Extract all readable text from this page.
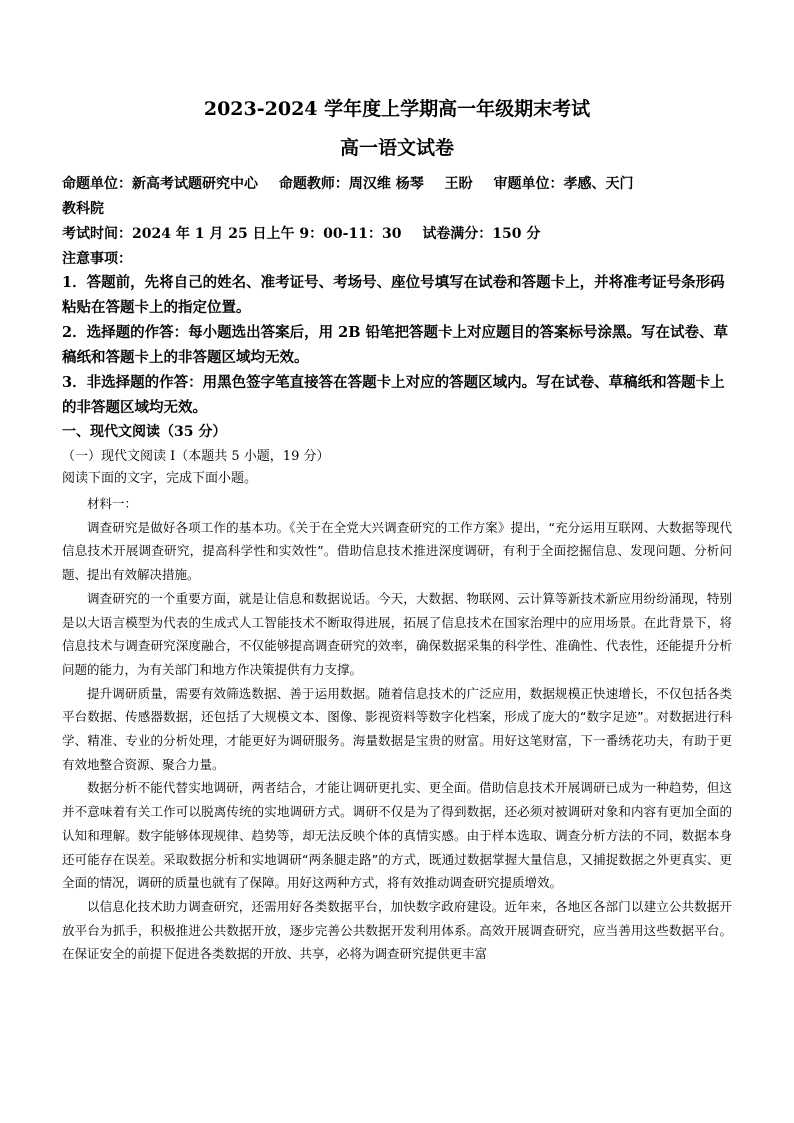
2023-2024 学年度上学期高一年级期末考试
高一语文试卷

命题单位：新高考试题研究中心 命题教师：周汉维 杨琴 王盼 审题单位：孝感、天门

教科院

考试时间：2024 年 1 月 25 日上午 9：00-11：30 试卷满分：150 分

注意事项：

1．答题前，先将自己的姓名、准考证号、考场号、座位号填写在试卷和答题卡上，并将准考证号条形码粘贴在答题卡上的指定位置。

2．选择题的作答：每小题选出答案后，用 2B 铅笔把答题卡上对应题目的答案标号涂黑。写在试卷、草稿纸和答题卡上的非答题区域均无效。

3．非选择题的作答：用黑色签字笔直接答在答题卡上对应的答题区域内。写在试卷、草稿纸和答题卡上的非答题区域均无效。

一、现代文阅读（35 分）
（一）现代文阅读 I（本题共 5 小题，19 分）
阅读下面的文字，完成下面小题。

材料一：

调查研究是做好各项工作的基本功。《关于在全党大兴调查研究的工作方案》提出，“充分运用互联网、大数据等现代信息技术开展调查研究，提高科学性和实效性”。借助信息技术推进深度调研，有利于全面挖掘信息、发现问题、分析问题、提出有效解决措施。

调查研究的一个重要方面，就是让信息和数据说话。今天，大数据、物联网、云计算等新技术新应用纷纷涌现，特别是以大语言模型为代表的生成式人工智能技术不断取得进展，拓展了信息技术在国家治理中的应用场景。在此背景下，将信息技术与调查研究深度融合，不仅能够提高调查研究的效率，确保数据采集的科学性、准确性、代表性，还能提升分析问题的能力，为有关部门和地方作决策提供有力支撑。

提升调研质量，需要有效筛选数据、善于运用数据。随着信息技术的广泛应用，数据规模正快速增长，不仅包括各类平台数据、传感器数据，还包括了大规模文本、图像、影视资料等数字化档案，形成了庞大的“数字足迹”。对数据进行科学、精准、专业的分析处理，才能更好为调研服务。海量数据是宝贵的财富。用好这笔财富，下一番绣花功夫，有助于更有效地整合资源、聚合力量。

数据分析不能代替实地调研，两者结合，才能让调研更扎实、更全面。借助信息技术开展调研已成为一种趋势，但这并不意味着有关工作可以脱离传统的实地调研方式。调研不仅是为了得到数据，还必须对被调研对象和内容有更加全面的认知和理解。数字能够体现规律、趋势等，却无法反映个体的真情实感。由于样本选取、调查分析方法的不同，数据本身还可能存在误差。采取数据分析和实地调研“两条腿走路”的方式，既通过数据掌握大量信息，又捕捉数据之外更真实、更全面的情况，调研的质量也就有了保障。用好这两种方式，将有效推动调查研究提质增效。

以信息化技术助力调查研究，还需用好各类数据平台，加快数字政府建设。近年来，各地区各部门以建立公共数据开放平台为抓手，积极推进公共数据开放，逐步完善公共数据开发利用体系。高效开展调查研究，应当善用这些数据平台。在保证安全的前提下促进各类数据的开放、共享，必将为调查研究提供更丰富
